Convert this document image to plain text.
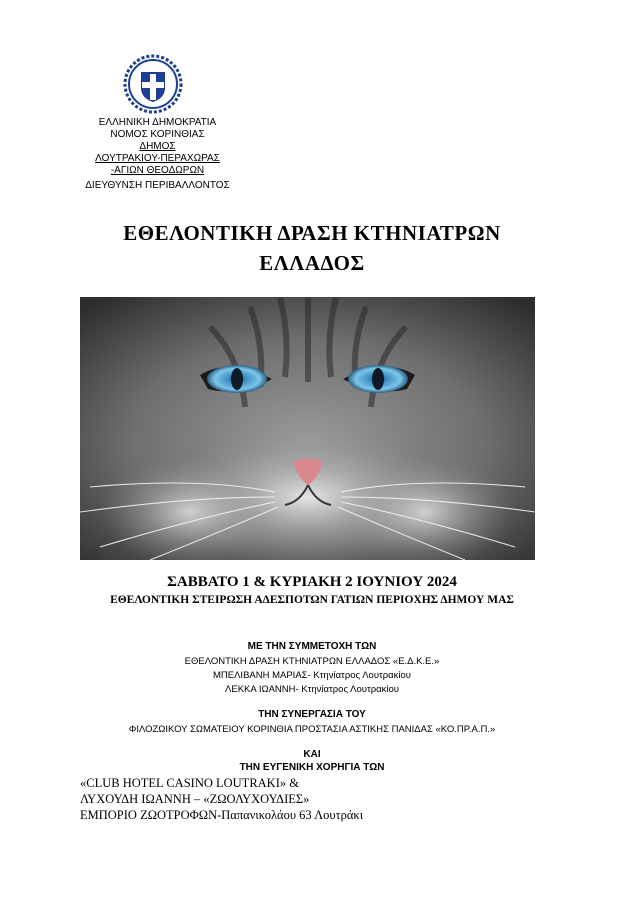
ΕΛΛΗΝΙΚΗ ΔΗΜΟΚΡΑΤΙΑ
ΝΟΜΟΣ ΚΟΡΙΝΘΙΑΣ
ΔΗΜΟΣ
ΛΟΥΤΡΑΚΙΟΥ-ΠΕΡΑΧΩΡΑΣ
-ΑΓΙΩΝ ΘΕΟΔΩΡΩΝ
ΔΙΕΥΘΥΝΣΗ ΠΕΡΙΒΑΛΛΟΝΤΟΣ
ΕΘΕΛΟΝΤΙΚΗ ΔΡΑΣΗ ΚΤΗΝΙΑΤΡΩΝ
ΕΛΛΑΔΟΣ
ΣΑΒΒΑΤΟ 1 & ΚΥΡΙΑΚΗ 2 ΙΟΥΝΙΟΥ 2024
ΕΘΕΛΟΝΤΙΚΗ ΣΤΕΙΡΩΣΗ ΑΔΕΣΠΟΤΩΝ ΓΑΤΙΩΝ ΠΕΡΙΟΧΗΣ ΔΗΜΟΥ ΜΑΣ
ΜΕ ΤΗΝ ΣΥΜΜΕΤΟΧΗ ΤΩΝ
ΕΘΕΛΟΝΤΙΚΗ ΔΡΑΣΗ ΚΤΗΝΙΑΤΡΩΝ ΕΛΛΑΔΟΣ «Ε.Δ.Κ.Ε.»
ΜΠΕΛΙΒΑΝΗ ΜΑΡΙΑΣ- Κτηνίατρος Λουτρακίου
ΛΕΚΚΑ ΙΩΑΝΝΗ- Κτηνίατρος Λουτρακίου
ΤΗΝ ΣΥΝΕΡΓΑΣΙΑ ΤΟΥ
ΦΙΛΟΖΩΙΚΟΥ ΣΩΜΑΤΕΙΟΥ ΚΟΡΙΝΘΙΑ ΠΡΟΣΤΑΣΙΑ ΑΣΤΙΚΗΣ ΠΑΝΙΔΑΣ «ΚΟ.ΠΡ.Α.Π.»
ΚΑΙ
ΤΗΝ ΕΥΓΕΝΙΚΗ ΧΟΡΗΓΙΑ ΤΩΝ
«CLUB HOTEL CASINO LOUTRAKI» &
ΛΥΧΟΥΔΗ ΙΩΑΝΝΗ – «ΖΩΟΛΥΧΟΥΔΙΕΣ»
ΕΜΠΟΡΙΟ ΖΩΟΤΡΟΦΩΝ-Παπανικολάου 63 Λουτράκι
